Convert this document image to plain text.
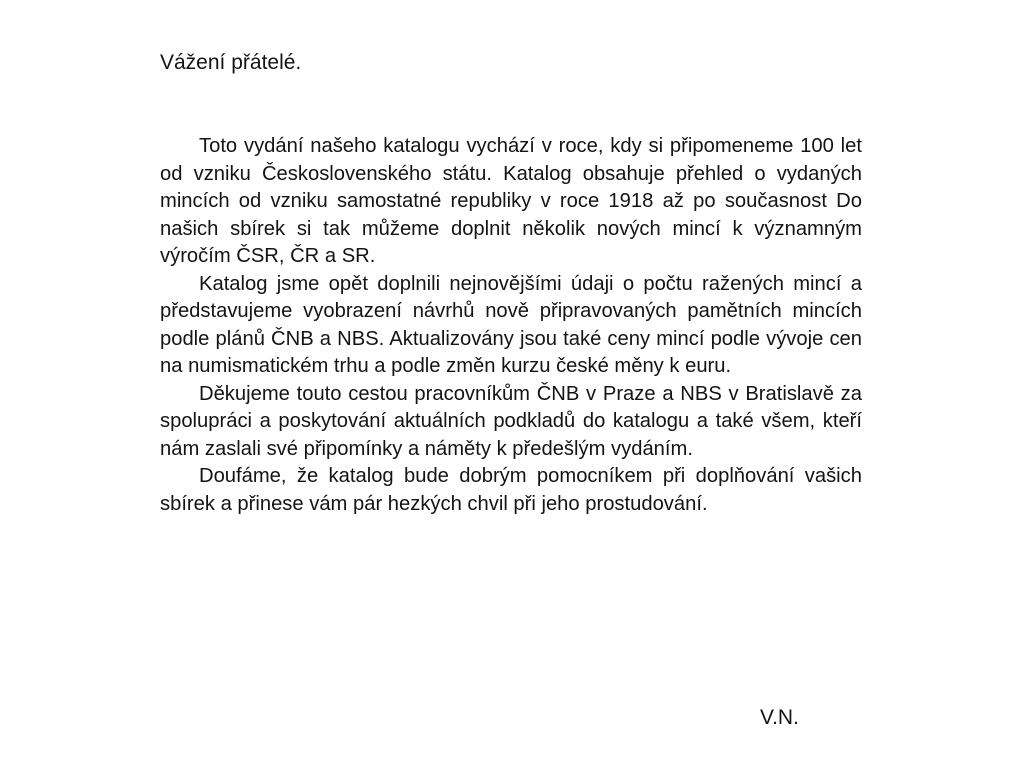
Vážení přátelé.

Toto vydání našeho katalogu vychází v roce, kdy si připomeneme 100 let od vzniku Československého státu. Katalog obsahuje přehled o vydaných mincích od vzniku samostatné republiky v roce 1918 až po současnost Do našich sbírek si tak můžeme doplnit několik nových mincí k významným výročím ČSR, ČR a SR.

Katalog jsme opět doplnili nejnovějšími údaji o počtu ražených mincí a představujeme vyobrazení návrhů nově připravovaných pamětních mincích podle plánů ČNB a NBS. Aktualizovány jsou také ceny mincí podle vývoje cen na numismatickém trhu a podle změn kurzu české měny k euru.

Děkujeme touto cestou pracovníkům ČNB v Praze a NBS v Bratislavě za spolupráci a poskytování aktuálních podkladů do katalogu a také všem, kteří nám zaslali své připomínky a náměty k předešlým vydáním.

Doufáme, že katalog bude dobrým pomocníkem při doplňování vašich sbírek a přinese vám pár hezkých chvil při jeho prostudování.

V.N.
